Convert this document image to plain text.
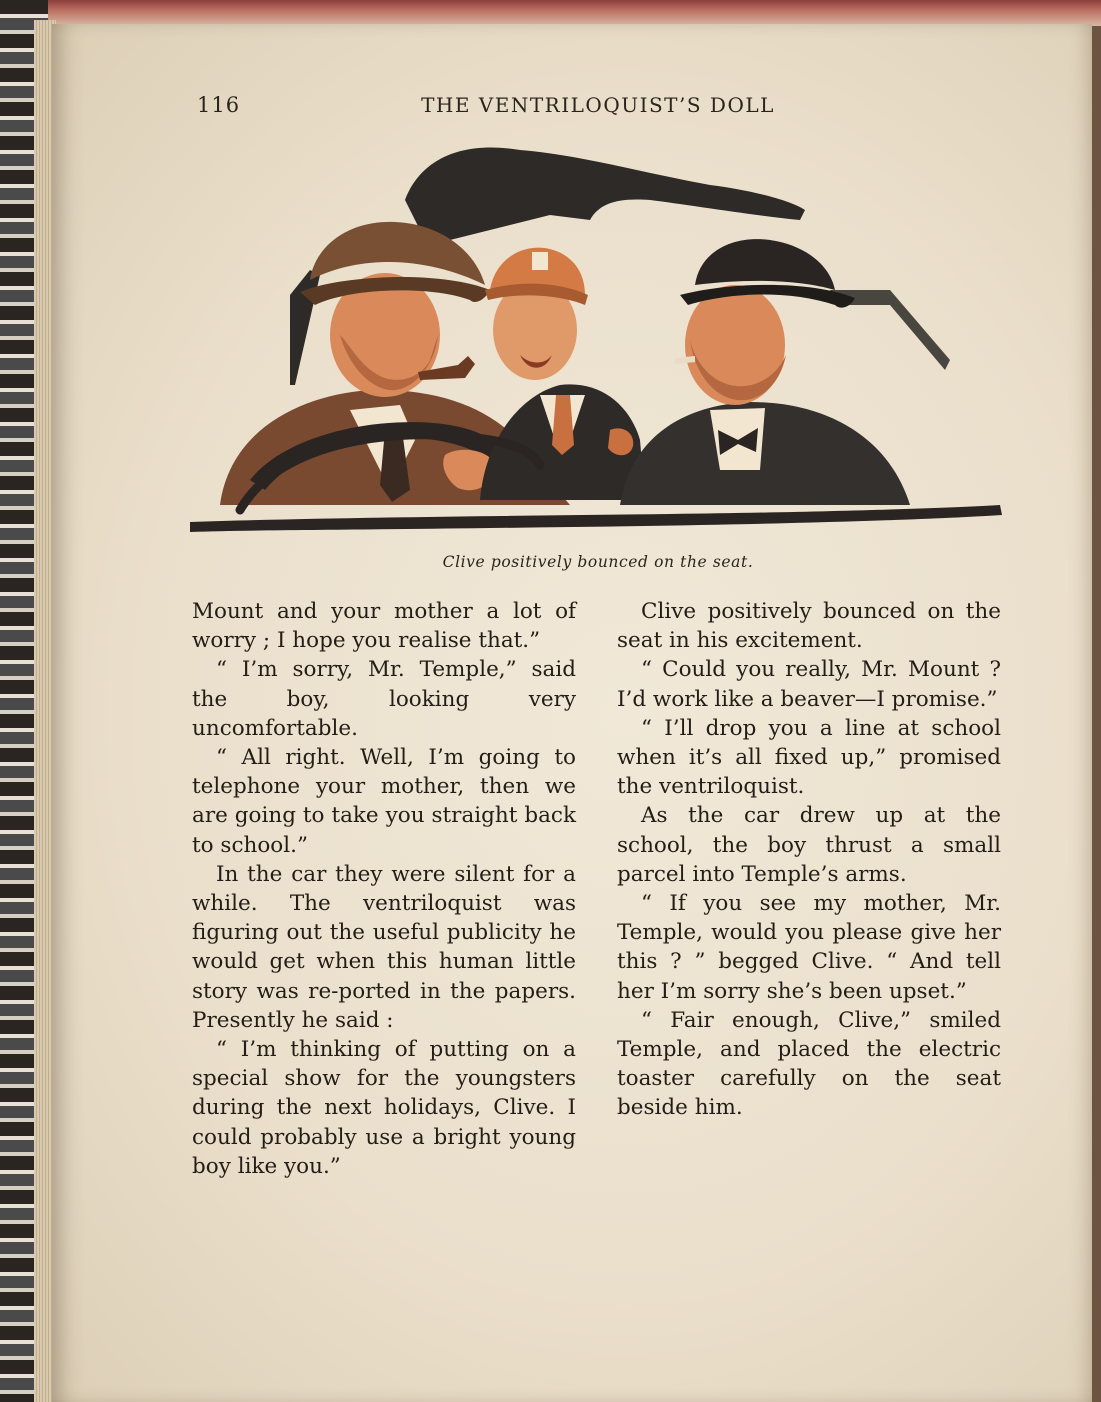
116	THE VENTRILOQUIST’S DOLL
Clive positively bounced on the seat.

Mount and your mother a lot of worry ; I hope you realise that.”

“ I’m sorry, Mr. Temple,” said the boy, looking very uncomfortable.

“ All right. Well, I’m going to telephone your mother, then we are going to take you straight back to school.”

In the car they were silent for a while. The ventriloquist was figuring out the useful publicity he would get when this human little story was re-ported in the papers. Presently he said :

“ I’m thinking of putting on a special show for the youngsters during the next holidays, Clive. I could probably use a bright young boy like you.”

Clive positively bounced on the seat in his excitement.

“ Could you really, Mr. Mount ? I’d work like a beaver—I promise.”

“ I’ll drop you a line at school when it’s all fixed up,” promised the ventriloquist.

As the car drew up at the school, the boy thrust a small parcel into Temple’s arms.

“ If you see my mother, Mr. Temple, would you please give her this ? ” begged Clive. “ And tell her I’m sorry she’s been upset.”

“ Fair enough, Clive,” smiled Temple, and placed the electric toaster carefully on the seat beside him.
